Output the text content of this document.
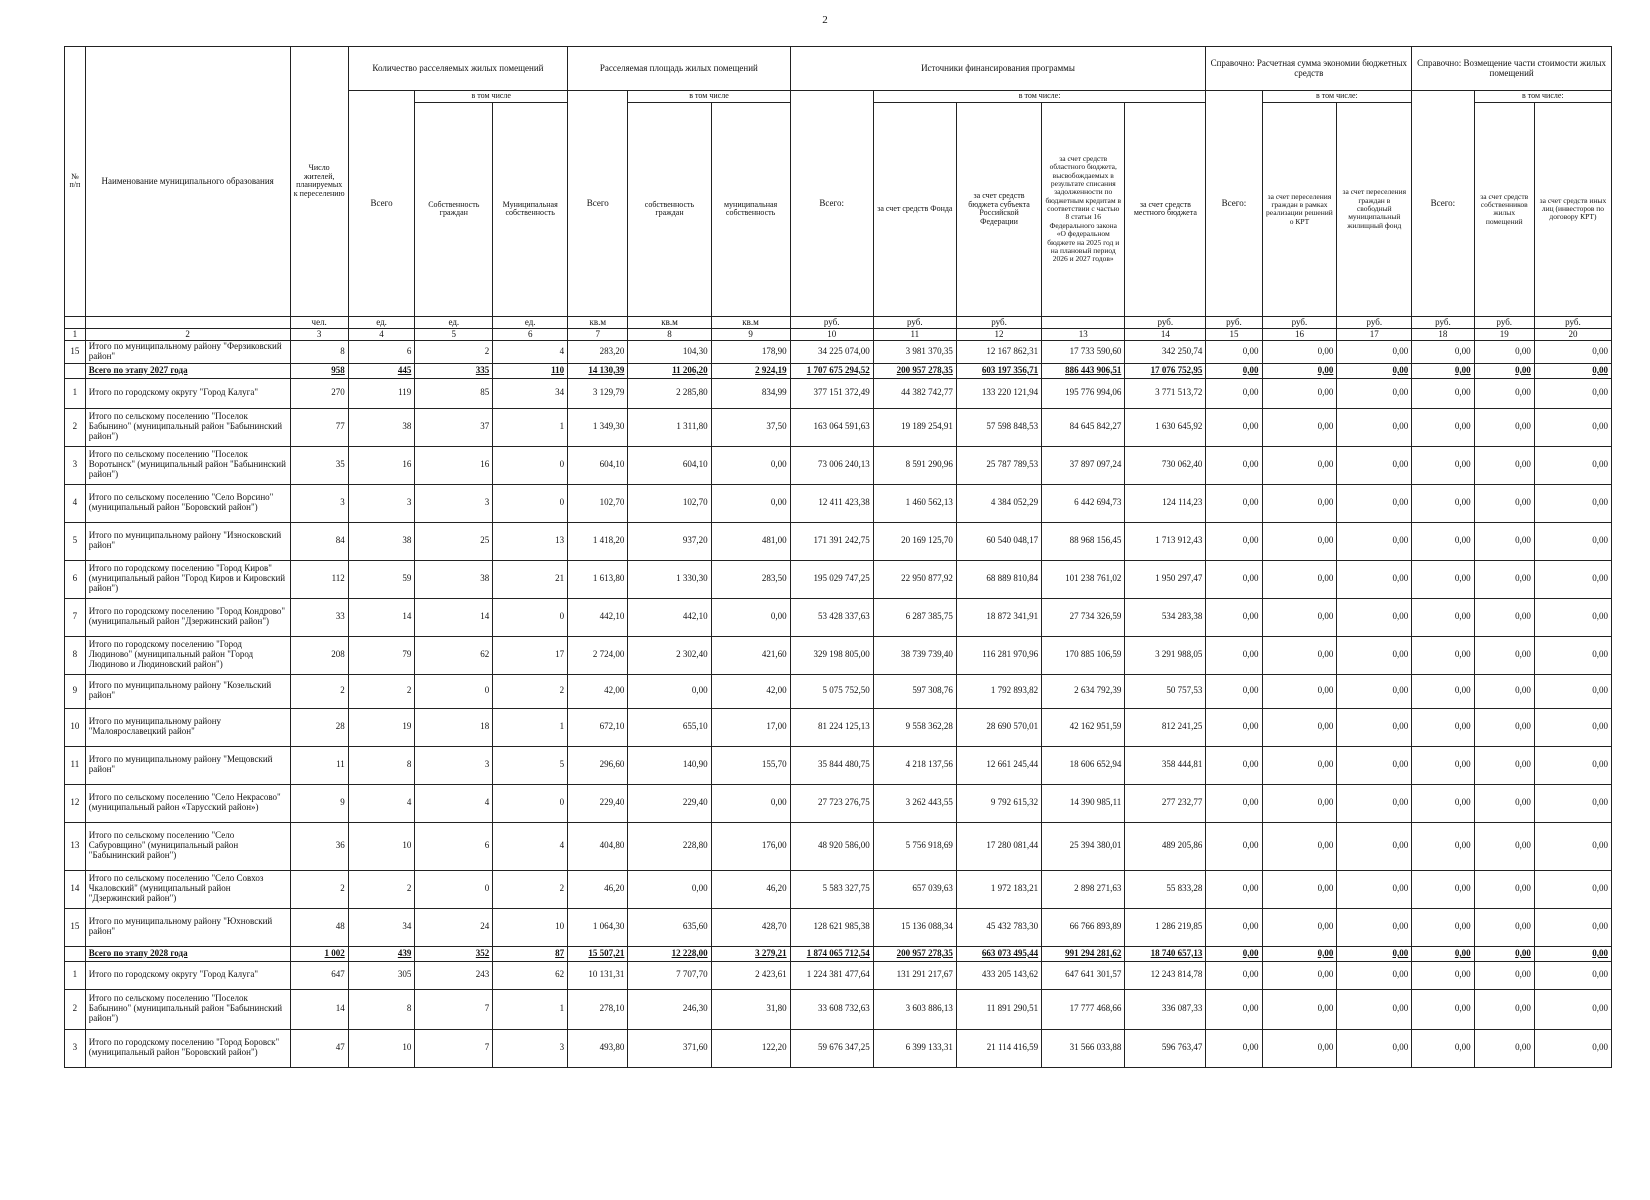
2
№ п/п	Наименование муниципального образования	Число жителей, планируемых к переселению	Количество расселяемых жилых помещений			Расселяемая площадь жилых помещений			Источники финансирования программы					Справочно: Расчетная сумма экономии бюджетных средств			Справочно: Возмещение части стоимости жилых помещений		
			Всего	в том числе		Всего	в том числе		Всего:	в том числе:				Всего:	в том числе:		Всего:	в том числе:	
				Собственность граждан	Муниципальная собственность		собственность граждан	муниципальная собственность		за счет средств Фонда	за счет средств бюджета субъекта Российской Федерации	за счет средств областного бюджета, высвобождаемых в результате списания задолженности по бюджетным кредитам в соответствии с частью 8 статьи 16 Федерального закона «О федеральном бюджете на 2025 год и на плановый период 2026 и 2027 годов»	за счет средств местного бюджета		за счет переселения граждан в рамках реализации решений о КРТ	за счет переселения граждан в свободный муниципальный жилищный фонд		за счет средств собственников жилых помещений	за счет средств иных лиц (инвесторов по договору КРТ)
		чел.	ед.	ед.	ед.	кв.м	кв.м	кв.м	руб.	руб.	руб.		руб.	руб.	руб.	руб.	руб.	руб.	руб.
1	2	3	4	5	6	7	8	9	10	11	12	13	14	15	16	17	18	19	20
15	Итого по муниципальному району "Ферзиковский район"	8	6	2	4	283,20	104,30	178,90	34 225 074,00	3 981 370,35	12 167 862,31	17 733 590,60	342 250,74	0,00	0,00	0,00	0,00	0,00	0,00
	Всего по этапу 2027 года	958	445	335	110	14 130,39	11 206,20	2 924,19	1 707 675 294,52	200 957 278,35	603 197 356,71	886 443 906,51	17 076 752,95	0,00	0,00	0,00	0,00	0,00	0,00
1	Итого по городскому округу "Город Калуга"	270	119	85	34	3 129,79	2 285,80	834,99	377 151 372,49	44 382 742,77	133 220 121,94	195 776 994,06	3 771 513,72	0,00	0,00	0,00	0,00	0,00	0,00
2	Итого по сельскому поселению "Поселок Бабынино" (муниципальный район "Бабынинский район")	77	38	37	1	1 349,30	1 311,80	37,50	163 064 591,63	19 189 254,91	57 598 848,53	84 645 842,27	1 630 645,92	0,00	0,00	0,00	0,00	0,00	0,00
3	Итого по сельскому поселению "Поселок Воротынск" (муниципальный район "Бабынинский район")	35	16	16	0	604,10	604,10	0,00	73 006 240,13	8 591 290,96	25 787 789,53	37 897 097,24	730 062,40	0,00	0,00	0,00	0,00	0,00	0,00
4	Итого по сельскому поселению "Село Ворсино" (муниципальный район "Боровский район")	3	3	3	0	102,70	102,70	0,00	12 411 423,38	1 460 562,13	4 384 052,29	6 442 694,73	124 114,23	0,00	0,00	0,00	0,00	0,00	0,00
5	Итого по муниципальному району "Износковский район"	84	38	25	13	1 418,20	937,20	481,00	171 391 242,75	20 169 125,70	60 540 048,17	88 968 156,45	1 713 912,43	0,00	0,00	0,00	0,00	0,00	0,00
6	Итого по городскому поселению "Город Киров" (муниципальный район "Город Киров и Кировский район")	112	59	38	21	1 613,80	1 330,30	283,50	195 029 747,25	22 950 877,92	68 889 810,84	101 238 761,02	1 950 297,47	0,00	0,00	0,00	0,00	0,00	0,00
7	Итого по городскому поселению "Город Кондрово" (муниципальный район "Дзержинский район")	33	14	14	0	442,10	442,10	0,00	53 428 337,63	6 287 385,75	18 872 341,91	27 734 326,59	534 283,38	0,00	0,00	0,00	0,00	0,00	0,00
8	Итого по городскому поселению "Город Людиново" (муниципальный район "Город Людиново и Людиновский район")	208	79	62	17	2 724,00	2 302,40	421,60	329 198 805,00	38 739 739,40	116 281 970,96	170 885 106,59	3 291 988,05	0,00	0,00	0,00	0,00	0,00	0,00
9	Итого по муниципальному району "Козельский район"	2	2	0	2	42,00	0,00	42,00	5 075 752,50	597 308,76	1 792 893,82	2 634 792,39	50 757,53	0,00	0,00	0,00	0,00	0,00	0,00
10	Итого по муниципальному району "Малоярославецкий район"	28	19	18	1	672,10	655,10	17,00	81 224 125,13	9 558 362,28	28 690 570,01	42 162 951,59	812 241,25	0,00	0,00	0,00	0,00	0,00	0,00
11	Итого по муниципальному району "Мещовский район"	11	8	3	5	296,60	140,90	155,70	35 844 480,75	4 218 137,56	12 661 245,44	18 606 652,94	358 444,81	0,00	0,00	0,00	0,00	0,00	0,00
12	Итого по сельскому поселению "Село Некрасово" (муниципальный район «Тарусский район»)	9	4	4	0	229,40	229,40	0,00	27 723 276,75	3 262 443,55	9 792 615,32	14 390 985,11	277 232,77	0,00	0,00	0,00	0,00	0,00	0,00
13	Итого по сельскому поселению "Село Сабуровщино" (муниципальный район "Бабынинский район")	36	10	6	4	404,80	228,80	176,00	48 920 586,00	5 756 918,69	17 280 081,44	25 394 380,01	489 205,86	0,00	0,00	0,00	0,00	0,00	0,00
14	Итого по сельскому поселению "Село Совхоз Чкаловский" (муниципальный район "Дзержинский район")	2	2	0	2	46,20	0,00	46,20	5 583 327,75	657 039,63	1 972 183,21	2 898 271,63	55 833,28	0,00	0,00	0,00	0,00	0,00	0,00
15	Итого по муниципальному району "Юхновский район"	48	34	24	10	1 064,30	635,60	428,70	128 621 985,38	15 136 088,34	45 432 783,30	66 766 893,89	1 286 219,85	0,00	0,00	0,00	0,00	0,00	0,00
	Всего по этапу 2028 года	1 002	439	352	87	15 507,21	12 228,00	3 279,21	1 874 065 712,54	200 957 278,35	663 073 495,44	991 294 281,62	18 740 657,13	0,00	0,00	0,00	0,00	0,00	0,00
1	Итого по городскому округу "Город Калуга"	647	305	243	62	10 131,31	7 707,70	2 423,61	1 224 381 477,64	131 291 217,67	433 205 143,62	647 641 301,57	12 243 814,78	0,00	0,00	0,00	0,00	0,00	0,00
2	Итого по сельскому поселению "Поселок Бабынино" (муниципальный район "Бабынинский район")	14	8	7	1	278,10	246,30	31,80	33 608 732,63	3 603 886,13	11 891 290,51	17 777 468,66	336 087,33	0,00	0,00	0,00	0,00	0,00	0,00
3	Итого по городскому поселению "Город Боровск" (муниципальный район "Боровский район")	47	10	7	3	493,80	371,60	122,20	59 676 347,25	6 399 133,31	21 114 416,59	31 566 033,88	596 763,47	0,00	0,00	0,00	0,00	0,00	0,00
